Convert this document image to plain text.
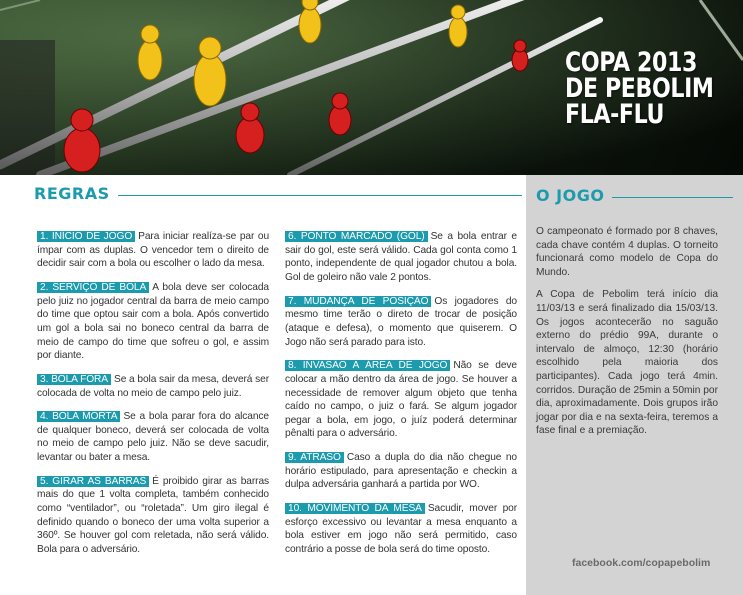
COPA 2013
DE PEBOLIM
FLA-FLU
REGRAS

1. INÍCIO DE JOGO Para iniciar realíza-se par ou ímpar com as duplas. O vencedor tem o direito de decidir sair com a bola ou escolher o lado da mesa.

2. SERVIÇO DE BOLA A bola deve ser colocada pelo juiz no jogador central da barra de meio campo do time que optou sair com a bola. Após convertido um gol a bola sai no boneco central da barra de meio de campo do time que sofreu o gol, e assim por diante.

3. BOLA FORA Se a bola sair da mesa, deverá ser colocada de volta no meio de campo pelo juiz.

4. BOLA MORTA Se a bola parar fora do alcance de qualquer boneco, deverá ser colocada de volta no meio de campo pelo juiz. Não se deve sacudir, levantar ou bater a mesa.

5. GIRAR AS BARRAS É proibido girar as barras mais do que 1 volta completa, também conhecido como “ventilador”, ou “roletada”. Um giro ilegal é definido quando o boneco der uma volta superior a 360º. Se houver gol com reletada, não será válido. Bola para o adversário.

6. PONTO MARCADO (GOL) Se a bola entrar e sair do gol, este será válido. Cada gol conta como 1 ponto, independente de qual jogador chutou a bola. Gol de goleiro não vale 2 pontos.

7. MUDANÇA DE POSIÇÃO Os jogadores do mesmo time terão o direto de trocar de posição (ataque e defesa), o momento que quiserem. O Jogo não será parado para isto.

8. INVASÃO A ÁREA DE JOGO Não se deve colocar a mão dentro da área de jogo. Se houver a necessidade de remover algum objeto que tenha caído no campo, o juiz o fará. Se algum jogador pegar a bola, em jogo, o juíz poderá determinar pênalti para o adversário.

9. ATRASO Caso a dupla do dia não chegue no horário estipulado, para apresentação e checkin a dulpa adversária ganhará a partida por WO.

10. MOVIMENTO DA MESA Sacudir, mover por esforço excessivo ou levantar a mesa enquanto a bola estiver em jogo não será permitido, caso contrário a posse de bola será do time oposto.

O JOGO

O campeonato é formado por 8 chaves, cada chave contém 4 duplas. O torneito funcionará como modelo de Copa do Mundo.

A Copa de Pebolim terá início dia 11/03/13 e será finalizado dia 15/03/13. Os jogos acontecerão no saguão externo do prédio 99A, durante o intervalo de almoço, 12:30 (horário escolhido pela maioria dos participantes). Cada jogo terá 4min. corridos. Duração de 25min a 50min por dia, aproximadamente. Dois grupos irão jogar por dia e na sexta-feira, teremos a fase final e a premiação.

facebook.com/copapebolim
